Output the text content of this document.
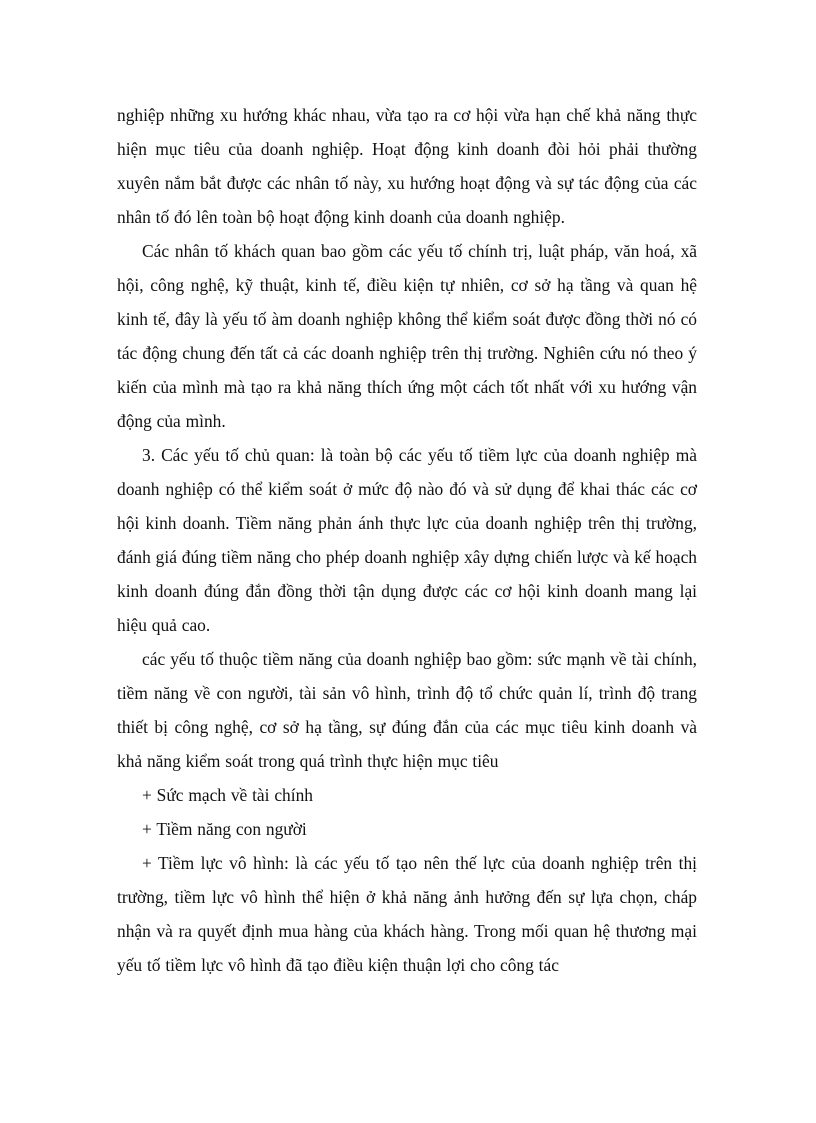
nghiệp những xu hướng khác nhau, vừa tạo ra cơ hội vừa hạn chế khả năng thực hiện mục tiêu của doanh nghiệp. Hoạt động kinh doanh đòi hỏi phải thường xuyên nắm bắt được các nhân tố này, xu hướng hoạt động và sự tác động của các nhân tố đó lên toàn bộ hoạt động kinh doanh của doanh nghiệp.

Các nhân tố khách quan bao gồm các yếu tố chính trị, luật pháp, văn hoá, xã hội, công nghệ, kỹ thuật, kinh tế, điều kiện tự nhiên, cơ sở hạ tầng và quan hệ kinh tế, đây là yếu tố àm doanh nghiệp không thể kiểm soát được đồng thời nó có tác động chung đến tất cả các doanh nghiệp trên thị trường. Nghiên cứu nó theo ý kiến của mình mà tạo ra khả năng thích ứng một cách tốt nhất với xu hướng vận động của mình.

3. Các yếu tố chủ quan: là toàn bộ các yếu tố tiềm lực của doanh nghiệp mà doanh nghiệp có thể kiểm soát ở mức độ nào đó và sử dụng để khai thác các cơ hội kinh doanh. Tiềm năng phản ánh thực lực của doanh nghiệp trên thị trường, đánh giá đúng tiềm năng cho phép doanh nghiệp xây dựng chiến lược và kế hoạch kinh doanh đúng đắn đồng thời tận dụng được các cơ hội kinh doanh mang lại hiệu quả cao.

các yếu tố thuộc tiềm năng của doanh nghiệp bao gồm: sức mạnh về tài chính, tiềm năng về con người, tài sản vô hình, trình độ tổ chức quản lí, trình độ trang thiết bị công nghệ, cơ sở hạ tầng, sự đúng đắn của các mục tiêu kinh doanh và khả năng kiểm soát trong quá trình thực hiện mục tiêu

+ Sức mạch về tài chính

+ Tiềm năng con người

+ Tiềm lực vô hình: là các yếu tố tạo nên thế lực của doanh nghiệp trên thị trường, tiềm lực vô hình thể hiện ở khả năng ảnh hưởng đến sự lựa chọn, cháp nhận và ra quyết định mua hàng của khách hàng. Trong mối quan hệ thương mại yếu tố tiềm lực vô hình đã tạo điều kiện thuận lợi cho công tác
